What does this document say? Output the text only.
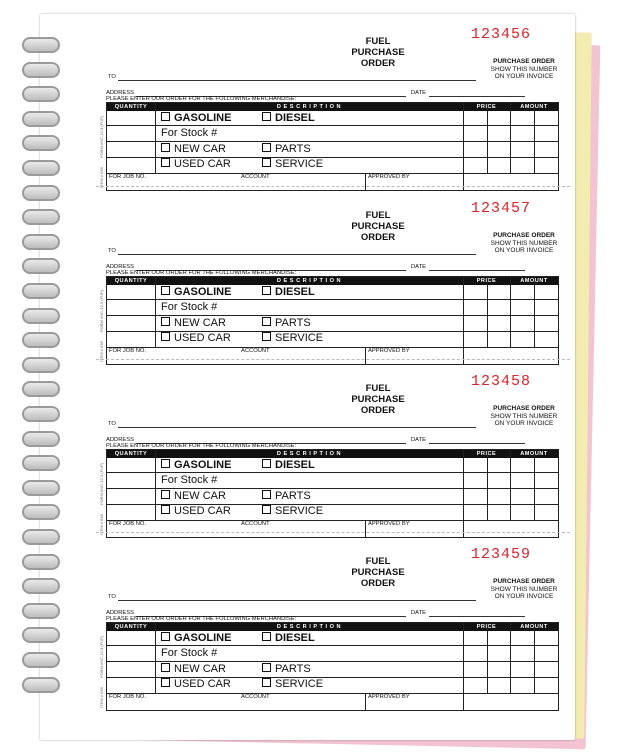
FUEL
PURCHASE
ORDER
123456
PURCHASE ORDER
SHOW THIS NUMBER
ON YOUR INVOICE
TO
ADDRESS	DATE
PLEASE ENTER OUR ORDER FOR THE FOLLOWING MERCHANDISE:
QUANTITY	D E S C R I P T I O N	PRICE	AMOUNT
GASOLINE	DIESEL
For Stock #
NEW CAR	PARTS
USED CAR	SERVICE
FOR JOB NO.	ACCOUNT	APPROVED BY
FORM #NC-12-3 (FUP)
ITEM # 638
FUEL
PURCHASE
ORDER
123457
PURCHASE ORDER
SHOW THIS NUMBER
ON YOUR INVOICE
TO
ADDRESS	DATE
PLEASE ENTER OUR ORDER FOR THE FOLLOWING MERCHANDISE:
QUANTITY	D E S C R I P T I O N	PRICE	AMOUNT
GASOLINE	DIESEL
For Stock #
NEW CAR	PARTS
USED CAR	SERVICE
FOR JOB NO.	ACCOUNT	APPROVED BY
FORM #NC-12-3 (FUP)
ITEM # 638
FUEL
PURCHASE
ORDER
123458
PURCHASE ORDER
SHOW THIS NUMBER
ON YOUR INVOICE
TO
ADDRESS	DATE
PLEASE ENTER OUR ORDER FOR THE FOLLOWING MERCHANDISE:
QUANTITY	D E S C R I P T I O N	PRICE	AMOUNT
GASOLINE	DIESEL
For Stock #
NEW CAR	PARTS
USED CAR	SERVICE
FOR JOB NO.	ACCOUNT	APPROVED BY
FORM #NC-12-3 (FUP)
ITEM # 638
FUEL
PURCHASE
ORDER
123459
PURCHASE ORDER
SHOW THIS NUMBER
ON YOUR INVOICE
TO
ADDRESS	DATE
PLEASE ENTER OUR ORDER FOR THE FOLLOWING MERCHANDISE:
QUANTITY	D E S C R I P T I O N	PRICE	AMOUNT
GASOLINE	DIESEL
For Stock #
NEW CAR	PARTS
USED CAR	SERVICE
FOR JOB NO.	ACCOUNT	APPROVED BY
FORM #NC-12-3 (FUP)
ITEM # 638
